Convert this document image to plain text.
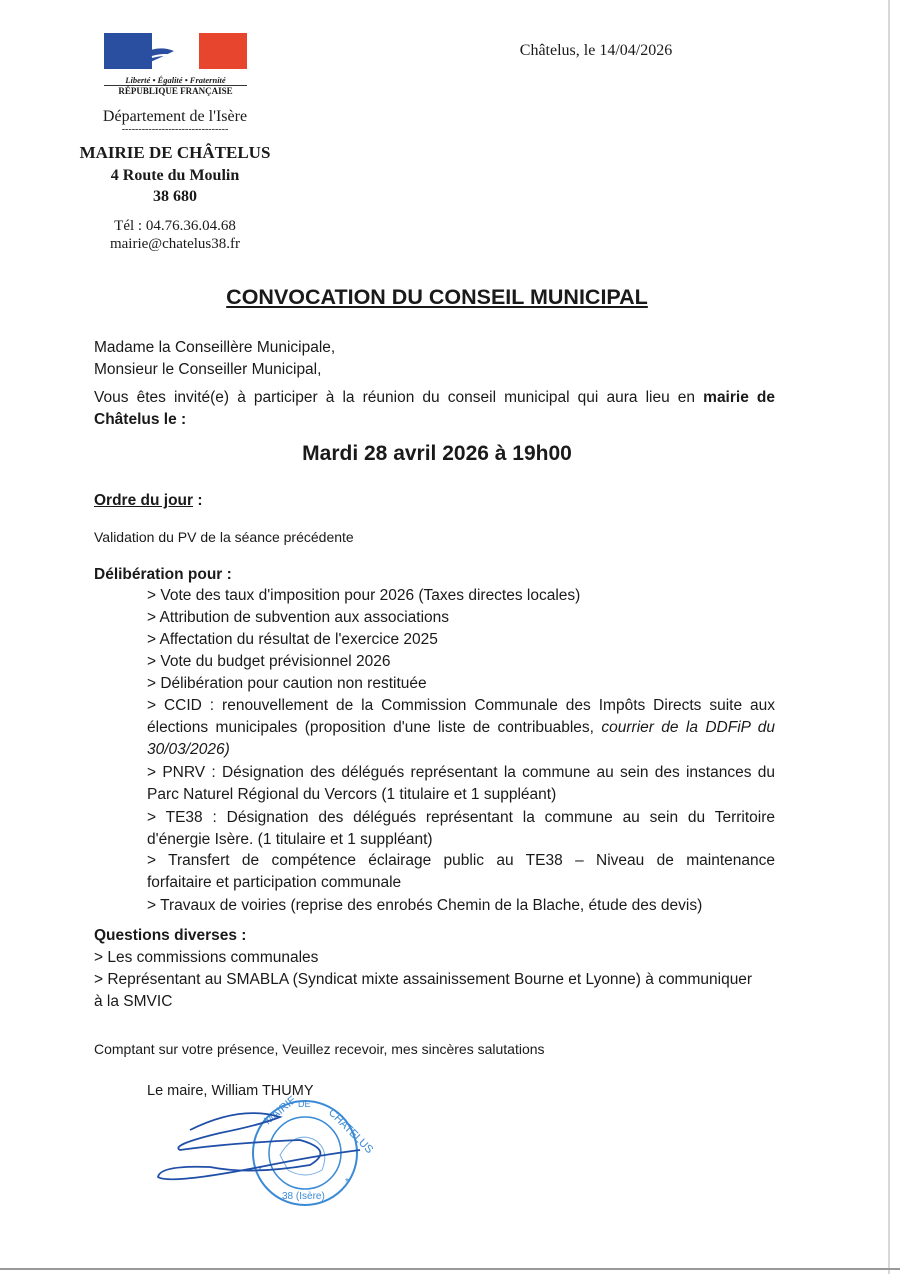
Liberté • Égalité • Fraternité
RÉPUBLIQUE FRANÇAISE
Châtelus, le 14/04/2026
Département de l'Isère
--------------------------------
MAIRIE DE CHÂTELUS
4 Route du Moulin
38 680
Tél : 04.76.36.04.68
mairie@chatelus38.fr
CONVOCATION DU CONSEIL MUNICIPAL
Madame la Conseillère Municipale,
Monsieur le Conseiller Municipal,
Vous êtes invité(e) à participer à la réunion du conseil municipal qui aura lieu en mairie de
Châtelus le :
Mardi 28 avril 2026 à 19h00
Ordre du jour :
Validation du PV de la séance précédente
Délibération pour :
> Vote des taux d'imposition pour 2026 (Taxes directes locales)
> Attribution de subvention aux associations
> Affectation du résultat de l'exercice 2025
> Vote du budget prévisionnel 2026
> Délibération pour caution non restituée
> CCID : renouvellement de la Commission Communale des Impôts Directs suite aux
élections municipales (proposition d'une liste de contribuables, courrier de la DDFiP du
30/03/2026)
> PNRV : Désignation des délégués représentant la commune au sein des instances du
Parc Naturel Régional du Vercors (1 titulaire et 1 suppléant)
> TE38 : Désignation des délégués représentant la commune au sein du Territoire
d'énergie Isère. (1 titulaire et 1 suppléant)
> Transfert de compétence éclairage public au TE38 – Niveau de maintenance
forfaitaire et participation communale
> Travaux de voiries (reprise des enrobés Chemin de la Blache, étude des devis)
Questions diverses :
> Les commissions communales
> Représentant au SMABLA (Syndicat mixte assainissement Bourne et Lyonne) à communiquer
à la SMVIC
Comptant sur votre présence, Veuillez recevoir, mes sincères salutations
Le maire, William THUMY
MAIRIE DE
CHATELUS
38 (Isère)
*
*
